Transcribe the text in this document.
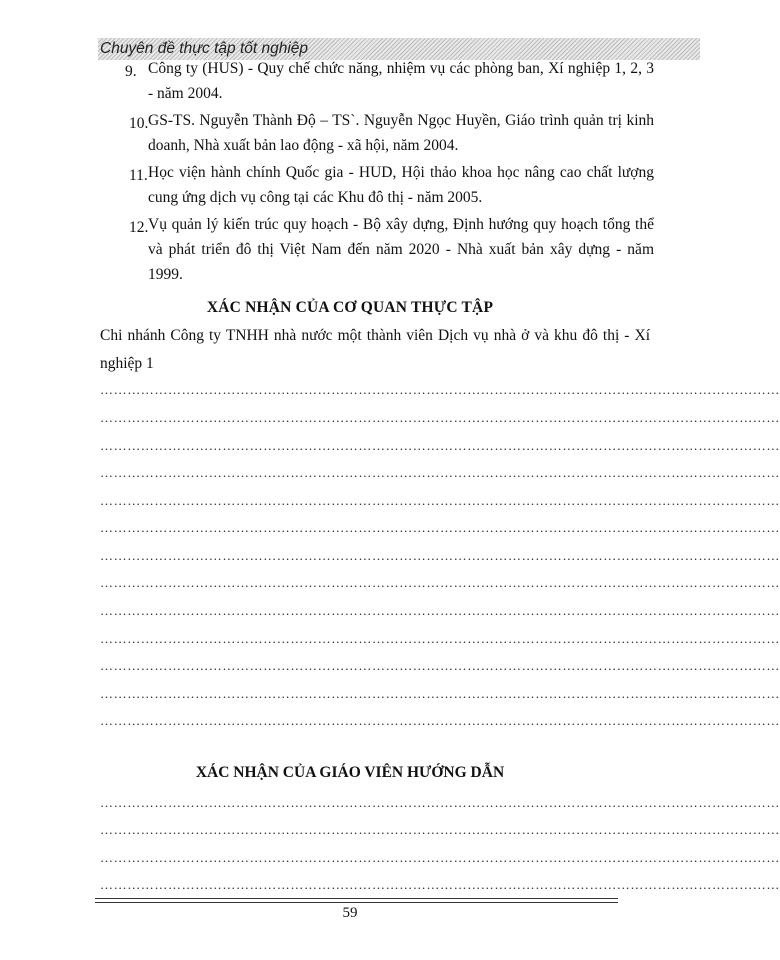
Chuyên đề thực tập tốt nghiệp
9. Công ty (HUS) - Quy chế chức năng, nhiệm vụ các phòng ban, Xí nghiệp 1, 2, 3 - năm 2004.
10. GS-TS. Nguyễn Thành Độ – TS`. Nguyễn Ngọc Huyền, Giáo trình quản trị kinh doanh, Nhà xuất bản lao động - xã hội, năm 2004.
11. Học viện hành chính Quốc gia - HUD, Hội thảo khoa học nâng cao chất lượng cung ứng dịch vụ công tại các Khu đô thị - năm 2005.
12. Vụ quản lý kiến trúc quy hoạch - Bộ xây dựng, Định hướng quy hoạch tổng thể và phát triển đô thị Việt Nam đến năm 2020 - Nhà xuất bản xây dựng - năm 1999.
XÁC NHẬN CỦA CƠ QUAN THỰC TẬP
Chi nhánh Công ty TNHH nhà nước một thành viên Dịch vụ nhà ở và khu đô thị - Xí nghiệp 1
……………………………………………………………………………………………………………………………………
……………………………………………………………………………………………………………………………………
……………………………………………………………………………………………………………………………………
……………………………………………………………………………………………………………………………………
……………………………………………………………………………………………………………………………………
……………………………………………………………………………………………………………………………………
……………………………………………………………………………………………………………………………………
……………………………………………………………………………………………………………………………………
……………………………………………………………………………………………………………………………………
……………………………………………………………………………………………………………………………………
……………………………………………………………………………………………………………………………………
……………………………………………………………………………………………………………………………………
……………………………………………………………………………………………………………………………………
XÁC NHẬN CỦA GIÁO VIÊN HƯỚNG DẪN
……………………………………………………………………………………………………………………………………
……………………………………………………………………………………………………………………………………
……………………………………………………………………………………………………………………………………
……………………………………………………………………………………………………………………………………
59
